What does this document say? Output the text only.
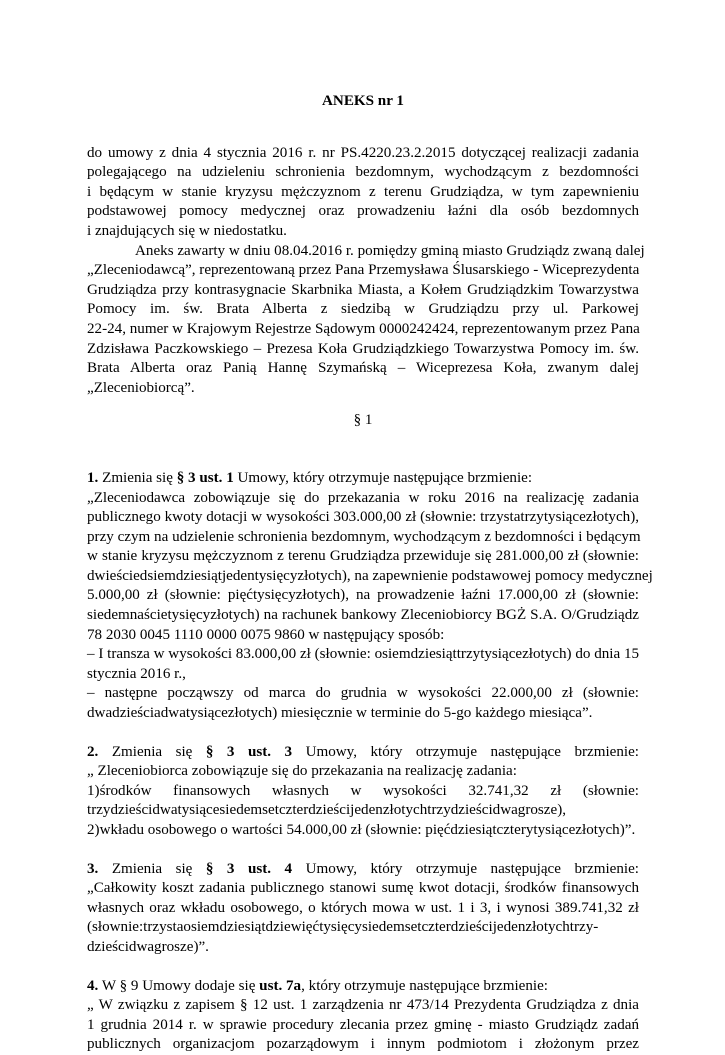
ANEKS nr 1

do umowy z dnia 4 stycznia 2016 r. nr PS.4220.23.2.2015 dotyczącej realizacji zadania
polegającego na udzieleniu schronienia bezdomnym, wychodzącym z bezdomności
i będącym w stanie kryzysu mężczyznom z terenu Grudziądza, w tym zapewnieniu
podstawowej pomocy medycznej oraz prowadzeniu łaźni dla osób bezdomnych
i znajdujących się w niedostatku.
Aneks zawarty w dniu 08.04.2016 r. pomiędzy gminą miasto Grudziądz zwaną dalej
„Zleceniodawcą”, reprezentowaną przez Pana Przemysława Ślusarskiego - Wiceprezydenta
Grudziądza przy kontrasygnacie Skarbnika Miasta, a Kołem Grudziądzkim Towarzystwa
Pomocy im. św. Brata Alberta z siedzibą w Grudziądzu przy ul. Parkowej
22-24, numer w Krajowym Rejestrze Sądowym 0000242424, reprezentowanym przez Pana
Zdzisława Paczkowskiego – Prezesa Koła Grudziądzkiego Towarzystwa Pomocy im. św.
Brata Alberta oraz Panią Hannę Szymańską – Wiceprezesa Koła, zwanym dalej
„Zleceniobiorcą”.

§ 1

1. Zmienia się § 3 ust. 1 Umowy, który otrzymuje następujące brzmienie:
„Zleceniodawca zobowiązuje się do przekazania w roku 2016 na realizację zadania
publicznego kwoty dotacji w wysokości 303.000,00 zł (słownie: trzystatrzytysiącezłotych),
przy czym na udzielenie schronienia bezdomnym, wychodzącym z bezdomności i będącym
w stanie kryzysu mężczyznom z terenu Grudziądza przewiduje się 281.000,00 zł (słownie:
dwieściedsiemdziesiątjedentysięcyzłotych), na zapewnienie podstawowej pomocy medycznej
5.000,00 zł (słownie: pięćtysięcyzłotych), na prowadzenie łaźni 17.000,00 zł (słownie:
siedemnaścietysięcyzłotych) na rachunek bankowy Zleceniobiorcy BGŻ S.A. O/Grudziądz
78 2030 0045 1110 0000 0075 9860 w następujący sposób:
– I transza w wysokości 83.000,00 zł (słownie: osiemdziesiąttrzytysiącezłotych) do dnia 15
stycznia 2016 r.,
– następne począwszy od marca do grudnia w wysokości 22.000,00 zł (słownie:
dwadzieściadwatysiącezłotych) miesięcznie w terminie do 5-go każdego miesiąca”.
2. Zmienia się § 3 ust. 3 Umowy, który otrzymuje następujące brzmienie:
„ Zleceniobiorca zobowiązuje się do przekazania na realizację zadania:
1)środków finansowych własnych w wysokości 32.741,32 zł (słownie:
trzydzieścidwatysiącesiedemsetczterdzieścijedenzłotychtrzydzieścidwagrosze),
2)wkładu osobowego o wartości 54.000,00 zł (słownie: pięćdziesiątczterytysiącezłotych)”.
3. Zmienia się § 3 ust. 4 Umowy, który otrzymuje następujące brzmienie:
„Całkowity koszt zadania publicznego stanowi sumę kwot dotacji, środków finansowych
własnych oraz wkładu osobowego, o których mowa w ust. 1 i 3, i wynosi 389.741,32 zł
(słownie:trzystaosiemdziesiątdziewięćtysięcysiedemsetczterdzieścijedenzłotychtrzy-
dzieścidwagrosze)”.
4. W § 9 Umowy dodaje się ust. 7a, który otrzymuje następujące brzmienie:
„ W związku z zapisem § 12 ust. 1 zarządzenia nr 473/14 Prezydenta Grudziądza z dnia
1 grudnia 2014 r. w sprawie procedury zlecania przez gminę - miasto Grudziądz zadań
publicznych organizacjom pozarządowym i innym podmiotom i złożonym przez
